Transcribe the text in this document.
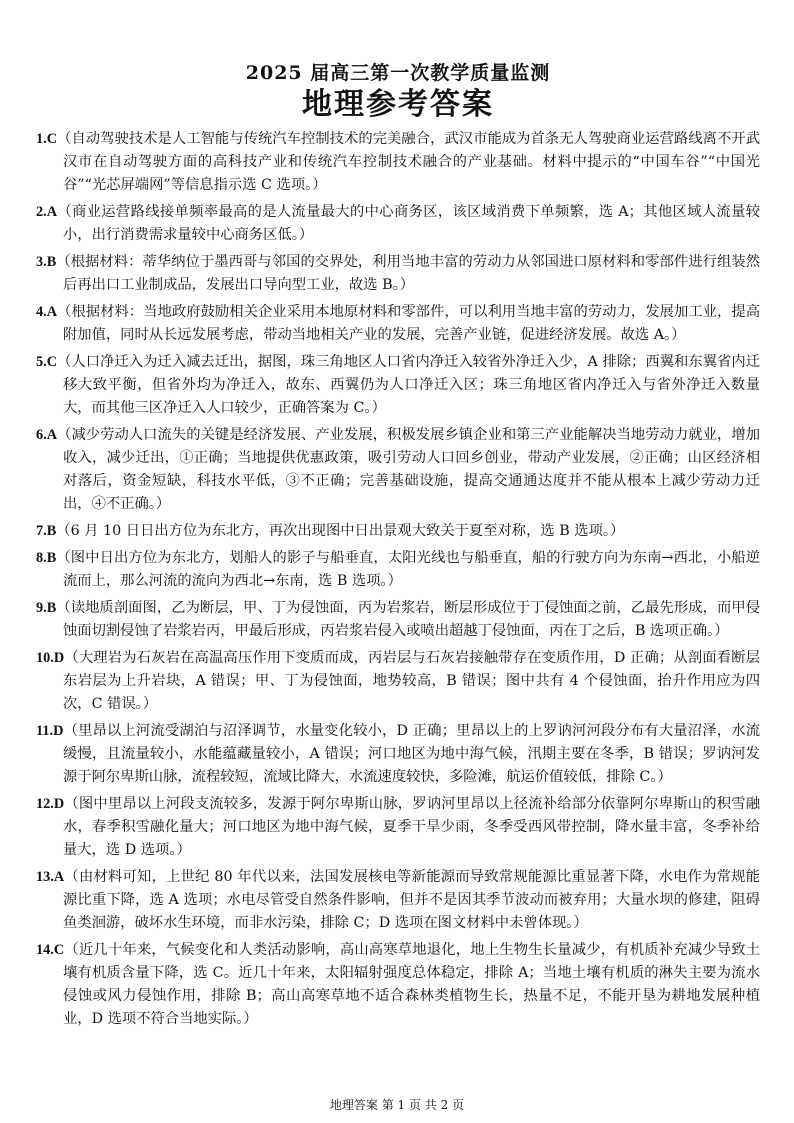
2025 届高三第一次教学质量监测
地理参考答案

1.C（自动驾驶技术是人工智能与传统汽车控制技术的完美融合，武汉市能成为首条无人驾驶商业运营路线离不开武汉市在自动驾驶方面的高科技产业和传统汽车控制技术融合的产业基础。材料中提示的“中国车谷”“中国光谷”“光芯屏端网”等信息指示选 C 选项。）

2.A（商业运营路线接单频率最高的是人流量最大的中心商务区，该区域消费下单频繁，选 A；其他区域人流量较小，出行消费需求量较中心商务区低。）

3.B（根据材料：蒂华纳位于墨西哥与邻国的交界处，利用当地丰富的劳动力从邻国进口原材料和零部件进行组装然后再出口工业制成品，发展出口导向型工业，故选 B。）

4.A（根据材料：当地政府鼓励相关企业采用本地原材料和零部件，可以利用当地丰富的劳动力，发展加工业，提高附加值，同时从长远发展考虑，带动当地相关产业的发展，完善产业链，促进经济发展。故选 A。）

5.C（人口净迁入为迁入减去迁出，据图，珠三角地区人口省内净迁入较省外净迁入少，A 排除；西翼和东翼省内迁移大致平衡，但省外均为净迁入，故东、西翼仍为人口净迁入区；珠三角地区省内净迁入与省外净迁入数量大，而其他三区净迁入人口较少，正确答案为 C。）

6.A（减少劳动人口流失的关键是经济发展、产业发展，积极发展乡镇企业和第三产业能解决当地劳动力就业，增加收入，减少迁出，①正确；当地提供优惠政策，吸引劳动人口回乡创业，带动产业发展，②正确；山区经济相对落后，资金短缺，科技水平低，③不正确；完善基础设施，提高交通通达度并不能从根本上减少劳动力迁出，④不正确。）

7.B（6 月 10 日日出方位为东北方，再次出现图中日出景观大致关于夏至对称，选 B 选项。）

8.B（图中日出方位为东北方，划船人的影子与船垂直，太阳光线也与船垂直，船的行驶方向为东南→西北，小船逆流而上，那么河流的流向为西北→东南，选 B 选项。）

9.B（读地质剖面图，乙为断层，甲、丁为侵蚀面，丙为岩浆岩，断层形成位于丁侵蚀面之前，乙最先形成，而甲侵蚀面切割侵蚀了岩浆岩丙，甲最后形成，丙岩浆岩侵入或喷出超越丁侵蚀面，丙在丁之后，B 选项正确。）

10.D（大理岩为石灰岩在高温高压作用下变质而成，丙岩层与石灰岩接触带存在变质作用，D 正确；从剖面看断层东岩层为上升岩块，A 错误；甲、丁为侵蚀面，地势较高，B 错误；图中共有 4 个侵蚀面，抬升作用应为四次，C 错误。）

11.D（里昂以上河流受湖泊与沼泽调节，水量变化较小，D 正确；里昂以上的上罗讷河河段分布有大量沼泽，水流缓慢，且流量较小，水能蕴藏量较小，A 错误；河口地区为地中海气候，汛期主要在冬季，B 错误；罗讷河发源于阿尔卑斯山脉，流程较短，流域比降大，水流速度较快，多险滩，航运价值较低，排除 C。）

12.D（图中里昂以上河段支流较多，发源于阿尔卑斯山脉，罗讷河里昂以上径流补给部分依靠阿尔卑斯山的积雪融水，春季积雪融化量大；河口地区为地中海气候，夏季干旱少雨，冬季受西风带控制，降水量丰富，冬季补给量大，选 D 选项。）

13.A（由材料可知，上世纪 80 年代以来，法国发展核电等新能源而导致常规能源比重显著下降，水电作为常规能源比重下降，选 A 选项；水电尽管受自然条件影响，但并不是因其季节波动而被弃用；大量水坝的修建，阻碍鱼类洄游，破坏水生环境，而非水污染，排除 C；D 选项在图文材料中未曾体现。）

14.C（近几十年来，气候变化和人类活动影响，高山高寒草地退化，地上生物生长量减少，有机质补充减少导致土壤有机质含量下降，选 C。近几十年来，太阳辐射强度总体稳定，排除 A；当地土壤有机质的淋失主要为流水侵蚀或风力侵蚀作用，排除 B；高山高寒草地不适合森林类植物生长，热量不足，不能开垦为耕地发展种植业，D 选项不符合当地实际。）

地理答案 第 1 页 共 2 页
